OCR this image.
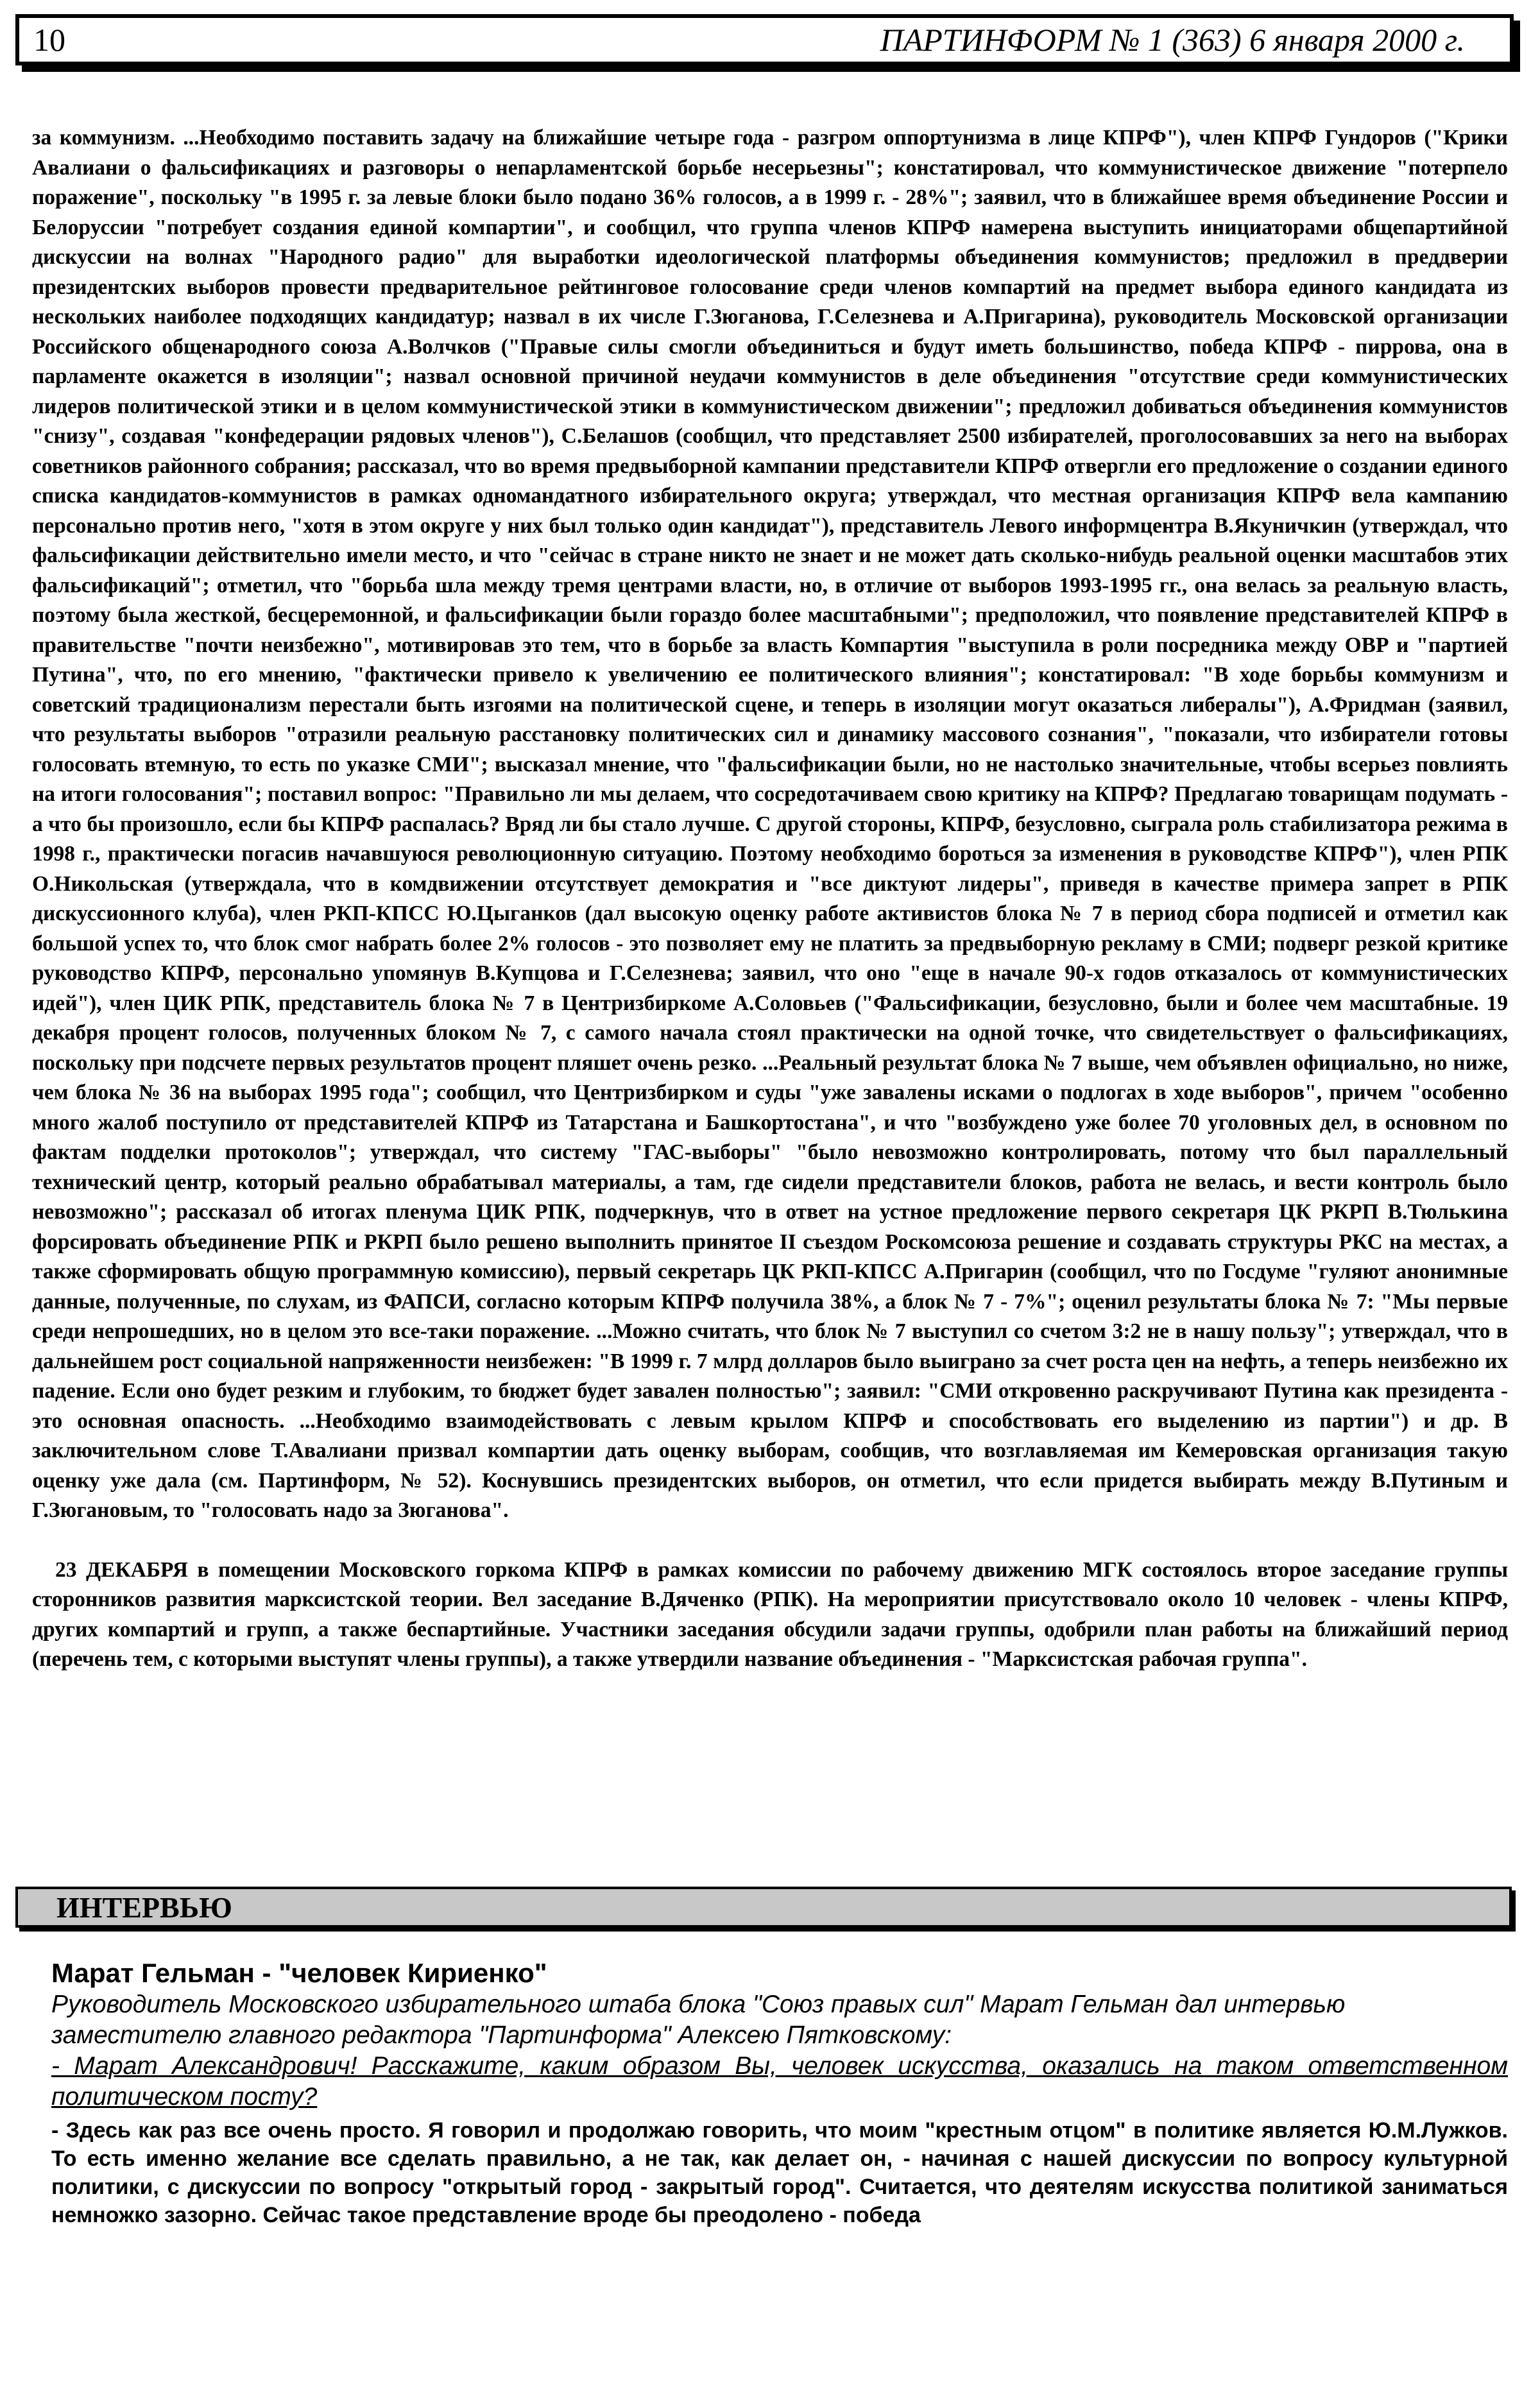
10	ПАРТИНФОРМ № 1 (363) 6 января 2000 г.

за коммунизм. ...Необходимо поставить задачу на ближайшие четыре года - разгром оппортунизма в лице КПРФ"), член КПРФ Гундоров ("Крики Авалиани о фальсификациях и разговоры о непарламентской борьбе несерьезны"; констатировал, что коммунистическое движение "потерпело поражение", поскольку "в 1995 г. за левые блоки было подано 36% голосов, а в 1999 г. - 28%"; заявил, что в ближайшее время объединение России и Белоруссии "потребует создания единой компартии", и сообщил, что группа членов КПРФ намерена выступить инициаторами общепартийной дискуссии на волнах "Народного радио" для выработки идеологической платформы объединения коммунистов; предложил в преддверии президентских выборов провести предварительное рейтинговое голосование среди членов компартий на предмет выбора единого кандидата из нескольких наиболее подходящих кандидатур; назвал в их числе Г.Зюганова, Г.Селезнева и А.Пригарина), руководитель Московской организации Российского общенародного союза А.Волчков ("Правые силы смогли объединиться и будут иметь большинство, победа КПРФ - пиррова, она в парламенте окажется в изоляции"; назвал основной причиной неудачи коммунистов в деле объединения "отсутствие среди коммунистических лидеров политической этики и в целом коммунистической этики в коммунистическом движении"; предложил добиваться объединения коммунистов "снизу", создавая "конфедерации рядовых членов"), С.Белашов (сообщил, что представляет 2500 избирателей, проголосовавших за него на выборах советников районного собрания; рассказал, что во время предвыборной кампании представители КПРФ отвергли его предложение о создании единого списка кандидатов-коммунистов в рамках одномандатного избирательного округа; утверждал, что местная организация КПРФ вела кампанию персонально против него, "хотя в этом округе у них был только один кандидат"), представитель Левого информцентра В.Якуничкин (утверждал, что фальсификации действительно имели место, и что "сейчас в стране никто не знает и не может дать сколько-нибудь реальной оценки масштабов этих фальсификаций"; отметил, что "борьба шла между тремя центрами власти, но, в отличие от выборов 1993-1995 гг., она велась за реальную власть, поэтому была жесткой, бесцеремонной, и фальсификации были гораздо более масштабными"; предположил, что появление представителей КПРФ в правительстве "почти неизбежно", мотивировав это тем, что в борьбе за власть Компартия "выступила в роли посредника между ОВР и "партией Путина", что, по его мнению, "фактически привело к увеличению ее политического влияния"; констатировал: "В ходе борьбы коммунизм и советский традиционализм перестали быть изгоями на политической сцене, и теперь в изоляции могут оказаться либералы"), А.Фридман (заявил, что результаты выборов "отразили реальную расстановку политических сил и динамику массового сознания", "показали, что избиратели готовы голосовать втемную, то есть по указке СМИ"; высказал мнение, что "фальсификации были, но не настолько значительные, чтобы всерьез повлиять на итоги голосования"; поставил вопрос: "Правильно ли мы делаем, что сосредотачиваем свою критику на КПРФ? Предлагаю товарищам подумать - а что бы произошло, если бы КПРФ распалась? Вряд ли бы стало лучше. С другой стороны, КПРФ, безусловно, сыграла роль стабилизатора режима в 1998 г., практически погасив начавшуюся революционную ситуацию. Поэтому необходимо бороться за изменения в руководстве КПРФ"), член РПК О.Никольская (утверждала, что в комдвижении отсутствует демократия и "все диктуют лидеры", приведя в качестве примера запрет в РПК дискуссионного клуба), член РКП-КПСС Ю.Цыганков (дал высокую оценку работе активистов блока № 7 в период сбора подписей и отметил как большой успех то, что блок смог набрать более 2% голосов - это позволяет ему не платить за предвыборную рекламу в СМИ; подверг резкой критике руководство КПРФ, персонально упомянув В.Купцова и Г.Селезнева; заявил, что оно "еще в начале 90-х годов отказалось от коммунистических идей"), член ЦИК РПК, представитель блока № 7 в Центризбиркоме А.Соловьев ("Фальсификации, безусловно, были и более чем масштабные. 19 декабря процент голосов, полученных блоком № 7, с самого начала стоял практически на одной точке, что свидетельствует о фальсификациях, поскольку при подсчете первых результатов процент пляшет очень резко. ...Реальный результат блока № 7 выше, чем объявлен официально, но ниже, чем блока № 36 на выборах 1995 года"; сообщил, что Центризбирком и суды "уже завалены исками о подлогах в ходе выборов", причем "особенно много жалоб поступило от представителей КПРФ из Татарстана и Башкортостана", и что "возбуждено уже более 70 уголовных дел, в основном по фактам подделки протоколов"; утверждал, что систему "ГАС-выборы" "было невозможно контролировать, потому что был параллельный технический центр, который реально обрабатывал материалы, а там, где сидели представители блоков, работа не велась, и вести контроль было невозможно"; рассказал об итогах пленума ЦИК РПК, подчеркнув, что в ответ на устное предложение первого секретаря ЦК РКРП В.Тюлькина форсировать объединение РПК и РКРП было решено выполнить принятое II съездом Роскомсоюза решение и создавать структуры РКС на местах, а также сформировать общую программную комиссию), первый секретарь ЦК РКП-КПСС А.Пригарин (сообщил, что по Госдуме "гуляют анонимные данные, полученные, по слухам, из ФАПСИ, согласно которым КПРФ получила 38%, а блок № 7 - 7%"; оценил результаты блока № 7: "Мы первые среди непрошедших, но в целом это все-таки поражение. ...Можно считать, что блок № 7 выступил со счетом 3:2 не в нашу пользу"; утверждал, что в дальнейшем рост социальной напряженности неизбежен: "В 1999 г. 7 млрд долларов было выиграно за счет роста цен на нефть, а теперь неизбежно их падение. Если оно будет резким и глубоким, то бюджет будет завален полностью"; заявил: "СМИ откровенно раскручивают Путина как президента - это основная опасность. ...Необходимо взаимодействовать с левым крылом КПРФ и способствовать его выделению из партии") и др. В заключительном слове Т.Авалиани призвал компартии дать оценку выборам, сообщив, что возглавляемая им Кемеровская организация такую оценку уже дала (см. Партинформ, № 52). Коснувшись президентских выборов, он отметил, что если придется выбирать между В.Путиным и Г.Зюгановым, то "голосовать надо за Зюганова".

23 ДЕКАБРЯ в помещении Московского горкома КПРФ в рамках комиссии по рабочему движению МГК состоялось второе заседание группы сторонников развития марксистской теории. Вел заседание В.Дяченко (РПК). На мероприятии присутствовало около 10 человек - члены КПРФ, других компартий и групп, а также беспартийные. Участники заседания обсудили задачи группы, одобрили план работы на ближайший период (перечень тем, с которыми выступят члены группы), а также утвердили название объединения - "Марксистская рабочая группа".

ИНТЕРВЬЮ
Марат Гельман - "человек Кириенко"
Руководитель Московского избирательного штаба блока "Союз правых сил" Марат Гельман дал интервью заместителю главного редактора "Партинформа" Алексею Пятковскому:
- Марат Александрович! Расскажите, каким образом Вы, человек искусства, оказались на таком ответственном политическом посту?
- Здесь как раз все очень просто. Я говорил и продолжаю говорить, что моим "крестным отцом" в политике является Ю.М.Лужков. То есть именно желание все сделать правильно, а не так, как делает он, - начиная с нашей дискуссии по вопросу культурной политики, с дискуссии по вопросу "открытый город - закрытый город". Считается, что деятелям искусства политикой заниматься немножко зазорно. Сейчас такое представление вроде бы преодолено - победа
